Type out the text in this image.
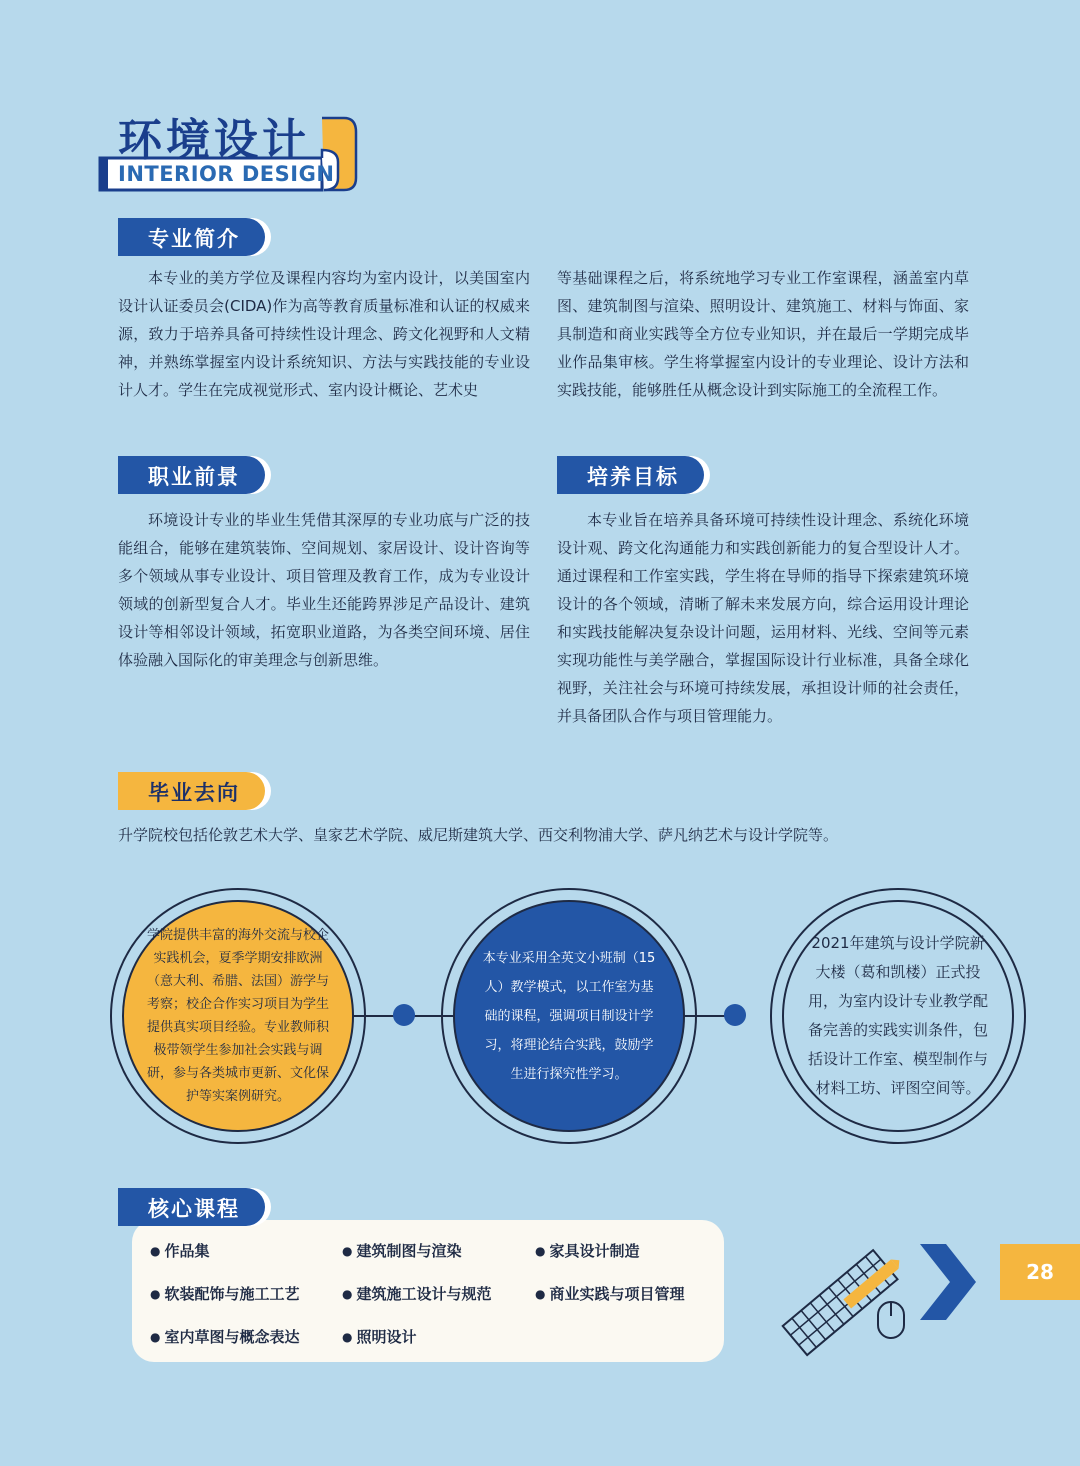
环境设计
INTERIOR DESIGN
专业简介
本专业的美方学位及课程内容均为室内设计，以美国室内设计认证委员会(CIDA)作为高等教育质量标准和认证的权威来源，致力于培养具备可持续性设计理念、跨文化视野和人文精神，并熟练掌握室内设计系统知识、方法与实践技能的专业设计人才。学生在完成视觉形式、室内设计概论、艺术史
等基础课程之后，将系统地学习专业工作室课程，涵盖室内草图、建筑制图与渲染、照明设计、建筑施工、材料与饰面、家具制造和商业实践等全方位专业知识，并在最后一学期完成毕业作品集审核。学生将掌握室内设计的专业理论、设计方法和实践技能，能够胜任从概念设计到实际施工的全流程工作。
职业前景
环境设计专业的毕业生凭借其深厚的专业功底与广泛的技能组合，能够在建筑装饰、空间规划、家居设计、设计咨询等多个领域从事专业设计、项目管理及教育工作，成为专业设计领域的创新型复合人才。毕业生还能跨界涉足产品设计、建筑设计等相邻设计领域，拓宽职业道路，为各类空间环境、居住体验融入国际化的审美理念与创新思维。
培养目标
本专业旨在培养具备环境可持续性设计理念、系统化环境设计观、跨文化沟通能力和实践创新能力的复合型设计人才。通过课程和工作室实践，学生将在导师的指导下探索建筑环境设计的各个领域，清晰了解未来发展方向，综合运用设计理论和实践技能解决复杂设计问题，运用材料、光线、空间等元素实现功能性与美学融合，掌握国际设计行业标准，具备全球化视野，关注社会与环境可持续发展，承担设计师的社会责任，并具备团队合作与项目管理能力。
毕业去向
升学院校包括伦敦艺术大学、皇家艺术学院、威尼斯建筑大学、西交利物浦大学、萨凡纳艺术与设计学院等。
学院提供丰富的海外交流与校企实践机会，夏季学期安排欧洲（意大利、希腊、法国）游学与考察；校企合作实习项目为学生提供真实项目经验。专业教师积极带领学生参加社会实践与调研，参与各类城市更新、文化保护等实案例研究。
本专业采用全英文小班制（15人）教学模式，以工作室为基础的课程，强调项目制设计学习，将理论结合实践，鼓励学生进行探究性学习。
2021年建筑与设计学院新大楼（葛和凯楼）正式投用，为室内设计专业教学配备完善的实践实训条件，包括设计工作室、模型制作与材料工坊、评图空间等。
核心课程
● 作品集	● 建筑制图与渲染	● 家具设计制造
● 软装配饰与施工工艺	● 建筑施工设计与规范	● 商业实践与项目管理
● 室内草图与概念表达	● 照明设计
28
